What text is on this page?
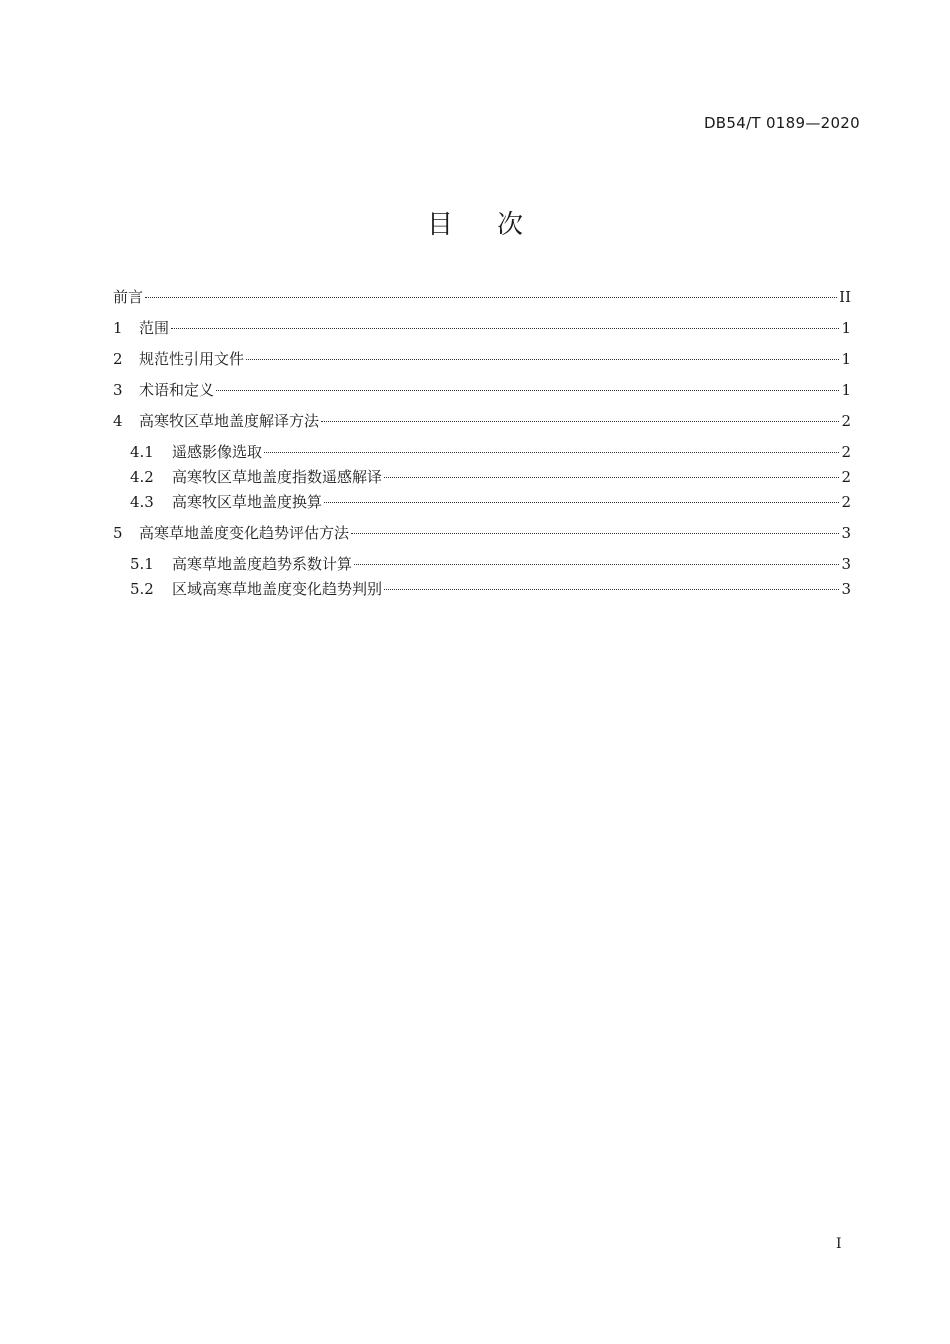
DB54/T 0189—2020
目次
前言	II
1	范围	1
2	规范性引用文件	1
3	术语和定义	1
4	高寒牧区草地盖度解译方法	2
4.1	遥感影像选取	2
4.2	高寒牧区草地盖度指数遥感解译	2
4.3	高寒牧区草地盖度换算	2
5	高寒草地盖度变化趋势评估方法	3
5.1	高寒草地盖度趋势系数计算	3
5.2	区域高寒草地盖度变化趋势判别	3
I
